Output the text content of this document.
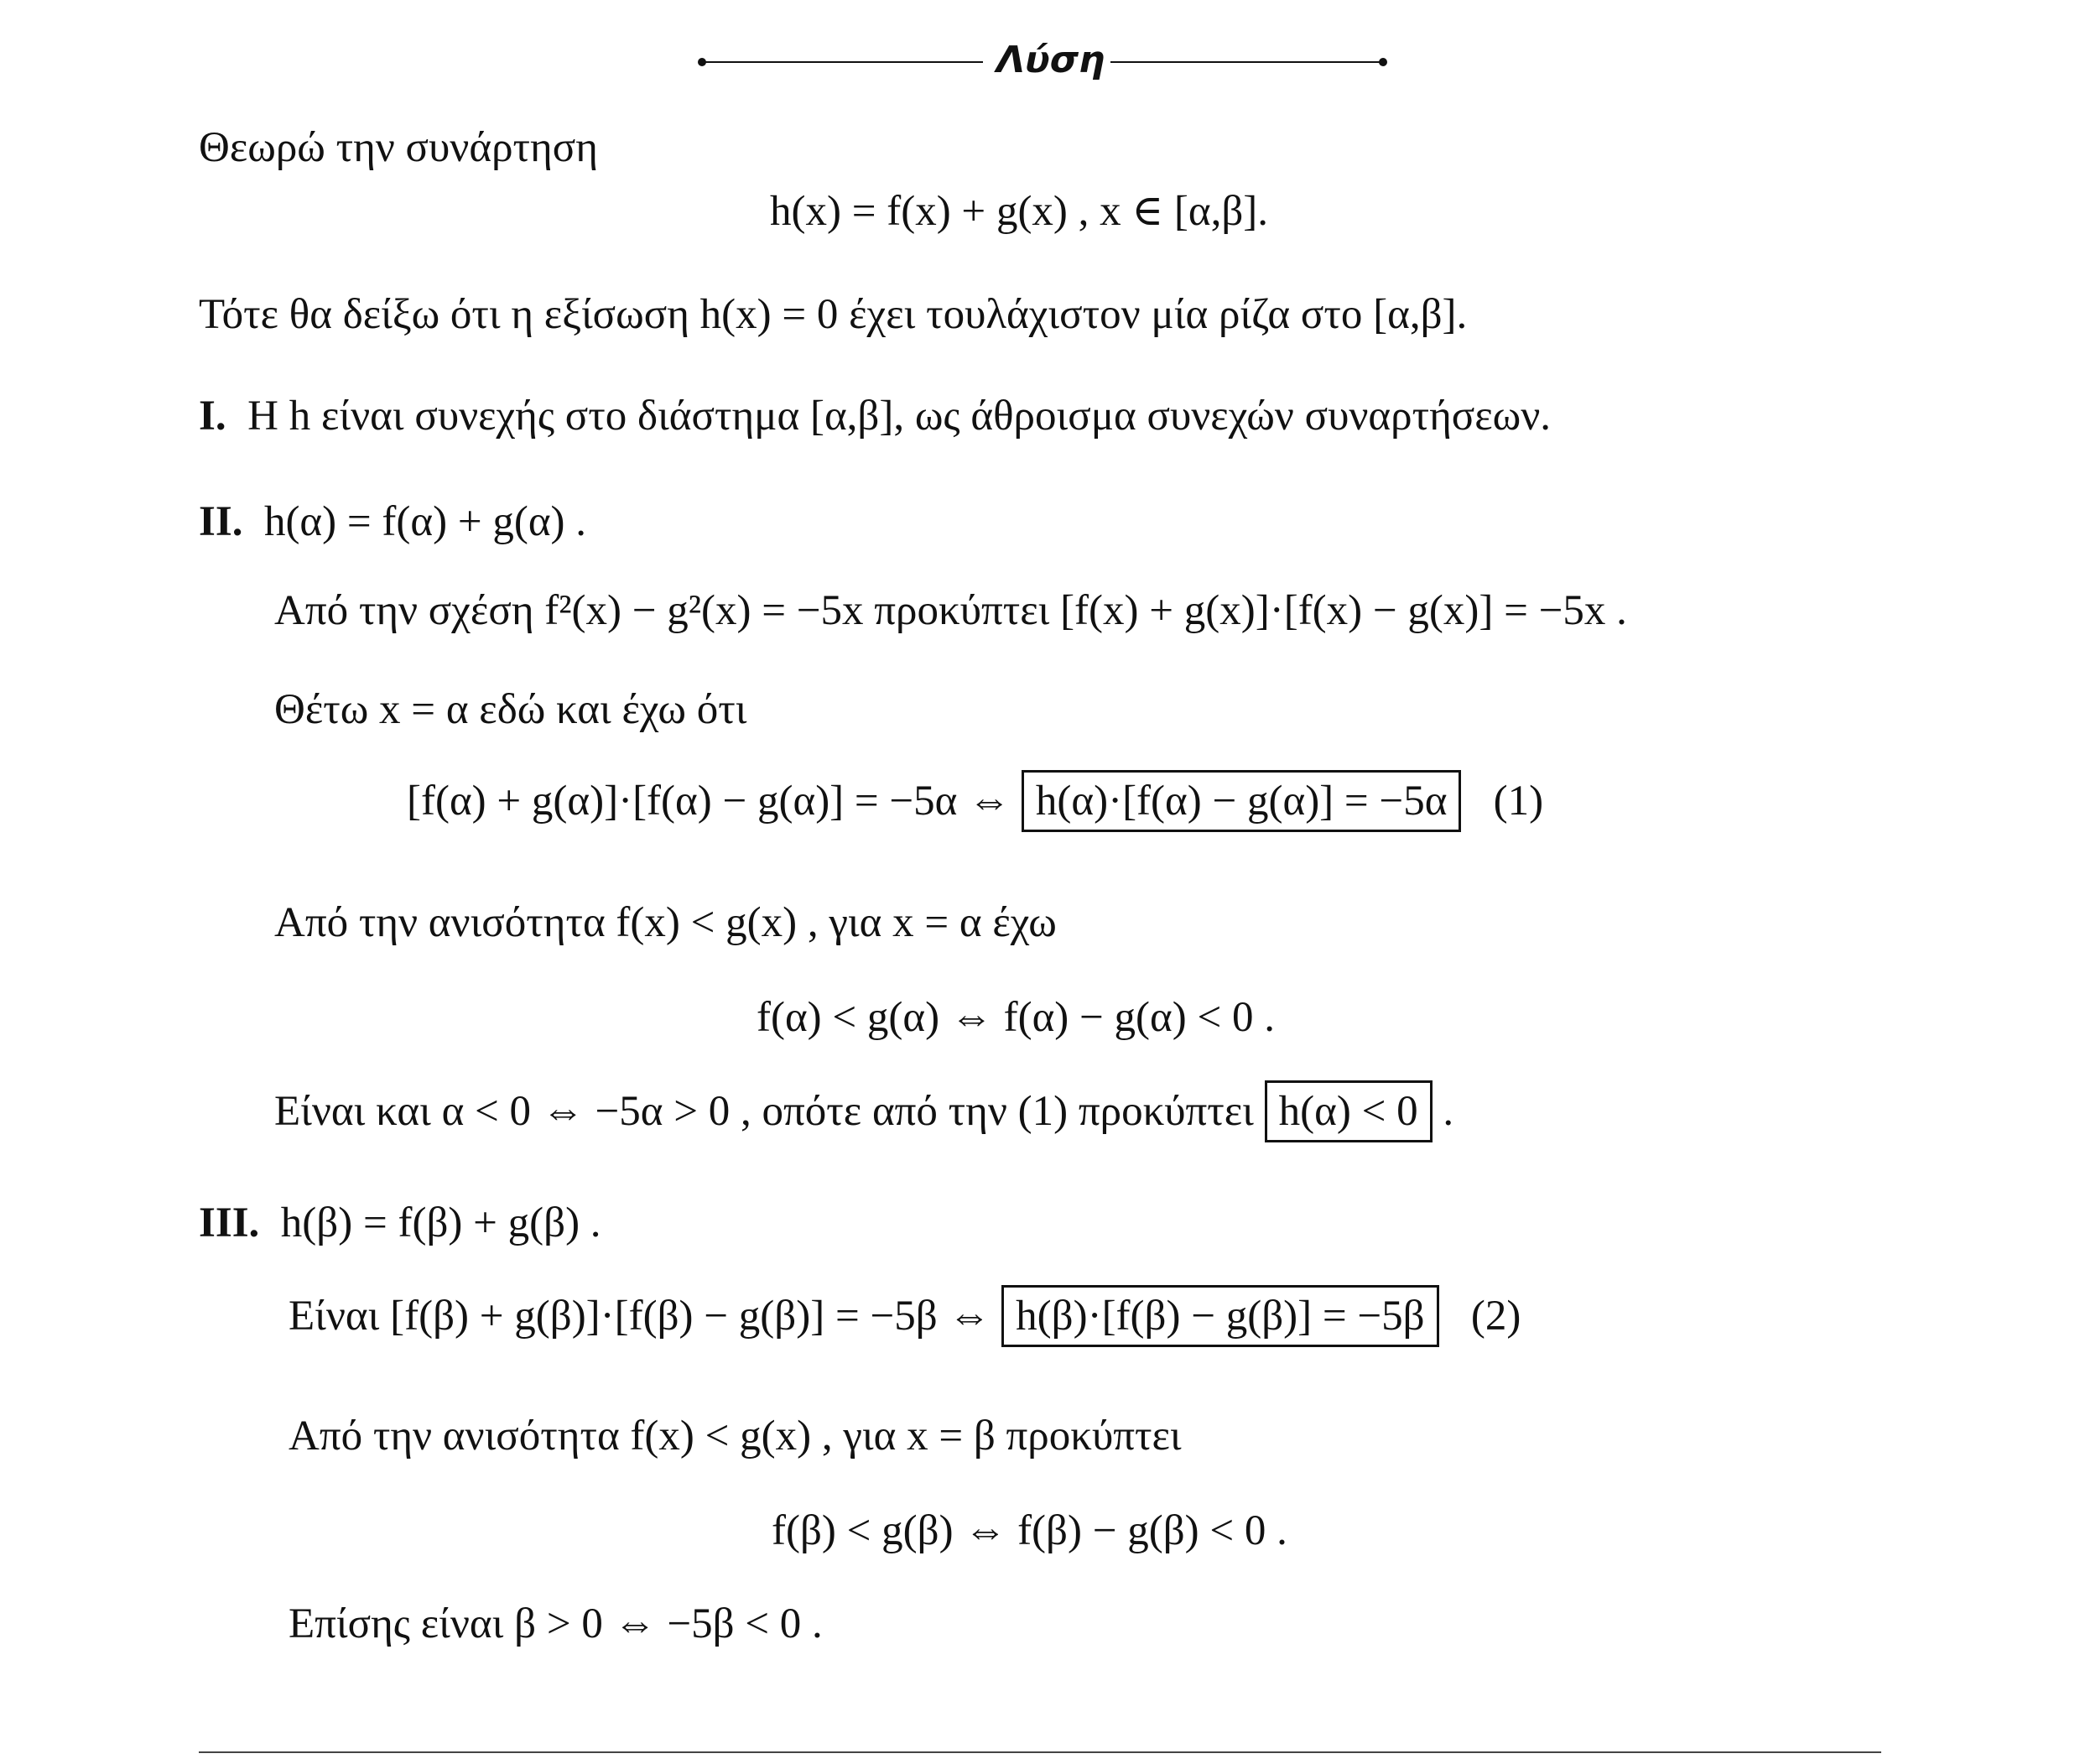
Λύση
Θεωρώ την συνάρτηση
h(x) = f(x) + g(x) , x ∈ [α,β].
Τότε θα δείξω ότι η εξίσωση h(x) = 0 έχει τουλάχιστον μία ρίζα στο [α,β].
I. Η h είναι συνεχής στο διάστημα [α,β], ως άθροισμα συνεχών συναρτήσεων.
II. h(α) = f(α) + g(α) .
Από την σχέση f²(x) − g²(x) = −5x προκύπτει [f(x) + g(x)]·[f(x) − g(x)] = −5x .
Θέτω x = α εδώ και έχω ότι
[f(α) + g(α)]·[f(α) − g(α)] = −5α ⇔ h(α)·[f(α) − g(α)] = −5α (1)
Από την ανισότητα f(x) < g(x) , για x = α έχω
f(α) < g(α) ⇔ f(α) − g(α) < 0 .
Είναι και α < 0 ⇔ −5α > 0 , οπότε από την (1) προκύπτει h(α) < 0 .
III. h(β) = f(β) + g(β) .
Είναι [f(β) + g(β)]·[f(β) − g(β)] = −5β ⇔ h(β)·[f(β) − g(β)] = −5β (2)
Από την ανισότητα f(x) < g(x) , για x = β προκύπτει
f(β) < g(β) ⇔ f(β) − g(β) < 0 .
Επίσης είναι β > 0 ⇔ −5β < 0 .
